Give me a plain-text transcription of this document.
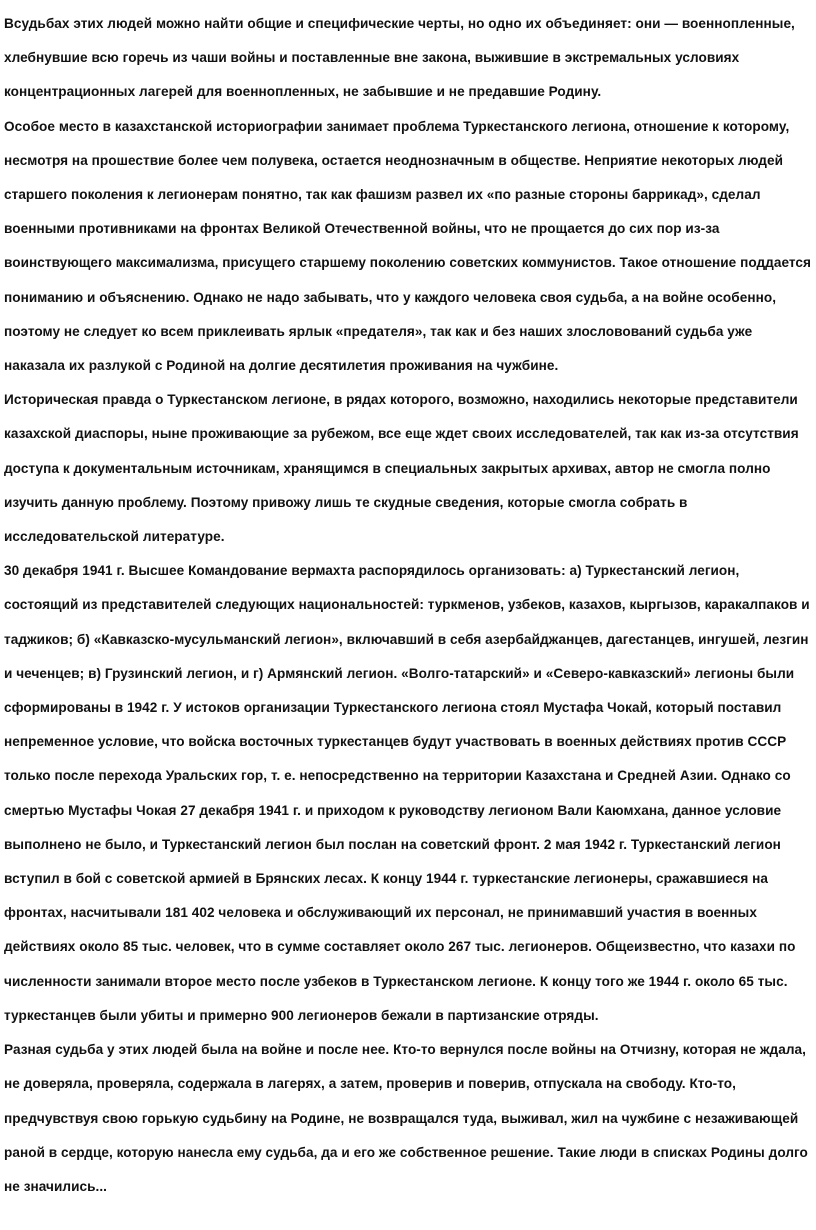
Всудьбах этих людей можно найти общие и специфические черты, но одно их объединяет: они — военнопленные, хлебнувшие всю горечь из чаши войны и поставленные вне закона, выжившие в экстремальных условиях концентрационных лагерей для военнопленных, не забывшие и не предавшие Родину.

Особое место в казахстанской историографии занимает проблема Туркестанского легиона, отношение к которому, несмотря на прошествие более чем полувека, остается неоднозначным в обществе. Неприятие некоторых людей старшего поколения к легионерам понятно, так как фашизм развел их «по разные стороны баррикад», сделал военными противниками на фронтах Великой Отечественной войны, что не прощается до сих пор из-за воинствующего максимализма, присущего старшему поколению советских коммунистов. Такое отношение поддается пониманию и объяснению. Однако не надо забывать, что у каждого человека своя судьба, а на войне особенно, поэтому не следует ко всем приклеивать ярлык «предателя», так как и без наших злословований судьба уже наказала их разлукой с Родиной на долгие десятилетия проживания на чужбине.

Историческая правда о Туркестанском легионе, в рядах которого, возможно, находились некоторые представители казахской диаспоры, ныне проживающие за рубежом, все еще ждет своих исследователей, так как из-за отсутствия доступа к документальным источникам, хранящимся в специальных закрытых архивах, автор не смогла полно изучить данную проблему. Поэтому привожу лишь те скудные сведения, которые смогла собрать в исследовательской литературе.

30 декабря 1941 г. Высшее Командование вермахта распорядилось организовать: а) Туркестанский легион, состоящий из представителей следующих национальностей: туркменов, узбеков, казахов, кыргызов, каракалпаков и таджиков; б) «Кавказско-мусульманский легион», включавший в себя азербайджанцев, дагестанцев, ингушей, лезгин и чеченцев; в) Грузинский легион, и г) Армянский легион. «Волго-татарский» и «Северо-кавказский» легионы были сформированы в 1942 г. У истоков организации Туркестанского легиона стоял Мустафа Чокай, который поставил непременное условие, что войска восточных туркестанцев будут участвовать в военных действиях против СССР только после перехода Уральских гор, т. е. непосредственно на территории Казахстана и Средней Азии. Однако со смертью Мустафы Чокая 27 декабря 1941 г. и приходом к руководству легионом Вали Каюмхана, данное условие выполнено не было, и Туркестанский легион был послан на советский фронт. 2 мая 1942 г. Туркестанский легион вступил в бой с советской армией в Брянских лесах. К концу 1944 г. туркестанские легионеры, сражавшиеся на фронтах, насчитывали 181 402 человека и обслуживающий их персонал, не принимавший участия в военных действиях около 85 тыс. человек, что в сумме составляет около 267 тыс. легионеров. Общеизвестно, что казахи по численности занимали второе место после узбеков в Туркестанском легионе. К концу того же 1944 г. около 65 тыс. туркестанцев были убиты и примерно 900 легионеров бежали в партизанские отряды.

Разная судьба у этих людей была на войне и после нее. Кто-то вернулся после войны на Отчизну, которая не ждала, не доверяла, проверяла, содержала в лагерях, а затем, проверив и поверив, отпускала на свободу. Кто-то, предчувствуя свою горькую судьбину на Родине, не возвращался туда, выживал, жил на чужбине с незаживающей раной в сердце, которую нанесла ему судьба, да и его же собственное решение. Такие люди в списках Родины долго не значились...
